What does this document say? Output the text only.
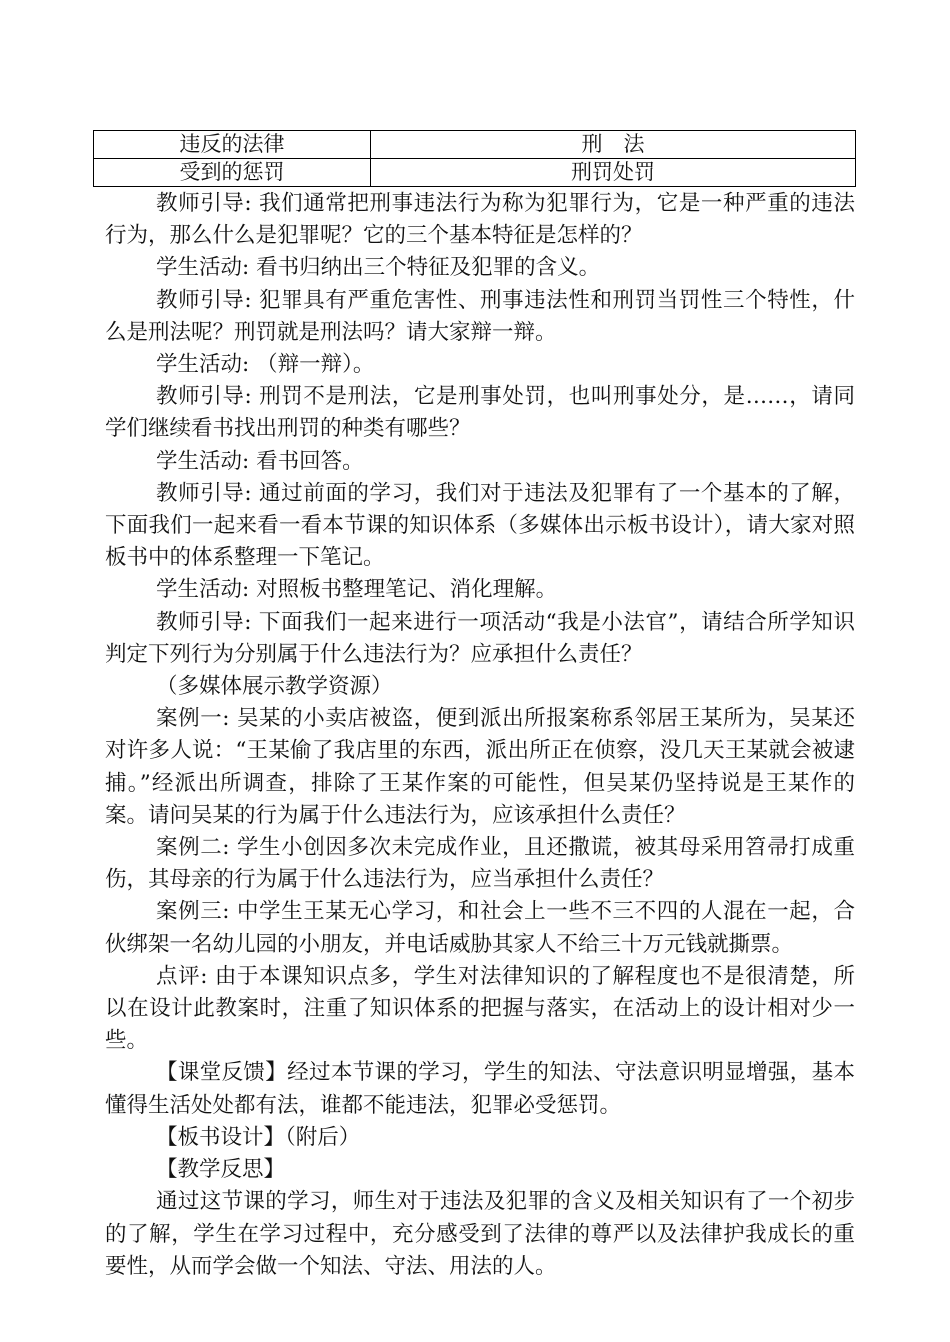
违反的法律	刑　法
受到的惩罚	刑罚处罚

教师引导: 我们通常把刑事违法行为称为犯罪行为，它是一种严重的违法行为，那么什么是犯罪呢？它的三个基本特征是怎样的？

学生活动: 看书归纳出三个特征及犯罪的含义。

教师引导: 犯罪具有严重危害性、刑事违法性和刑罚当罚性三个特性，什么是刑法呢？刑罚就是刑法吗？请大家辩一辩。

学生活动: （辩一辩）。

教师引导: 刑罚不是刑法，它是刑事处罚，也叫刑事处分，是……，请同学们继续看书找出刑罚的种类有哪些？

学生活动: 看书回答。

教师引导: 通过前面的学习，我们对于违法及犯罪有了一个基本的了解，下面我们一起来看一看本节课的知识体系（多媒体出示板书设计），请大家对照板书中的体系整理一下笔记。

学生活动: 对照板书整理笔记、消化理解。

教师引导: 下面我们一起来进行一项活动“我是小法官”，请结合所学知识判定下列行为分别属于什么违法行为？应承担什么责任？

（多媒体展示教学资源）

案例一: 吴某的小卖店被盗，便到派出所报案称系邻居王某所为，吴某还对许多人说：“王某偷了我店里的东西，派出所正在侦察，没几天王某就会被逮捕。”经派出所调查，排除了王某作案的可能性，但吴某仍坚持说是王某作的案。请问吴某的行为属于什么违法行为，应该承担什么责任？

案例二: 学生小创因多次未完成作业，且还撒谎，被其母采用笤帚打成重伤，其母亲的行为属于什么违法行为，应当承担什么责任？

案例三: 中学生王某无心学习，和社会上一些不三不四的人混在一起，合伙绑架一名幼儿园的小朋友，并电话威胁其家人不给三十万元钱就撕票。

点评: 由于本课知识点多，学生对法律知识的了解程度也不是很清楚，所以在设计此教案时，注重了知识体系的把握与落实，在活动上的设计相对少一些。

【课堂反馈】经过本节课的学习，学生的知法、守法意识明显增强，基本懂得生活处处都有法，谁都不能违法，犯罪必受惩罚。

【板书设计】（附后）

【教学反思】

通过这节课的学习，师生对于违法及犯罪的含义及相关知识有了一个初步的了解，学生在学习过程中，充分感受到了法律的尊严以及法律护我成长的重要性，从而学会做一个知法、守法、用法的人。
